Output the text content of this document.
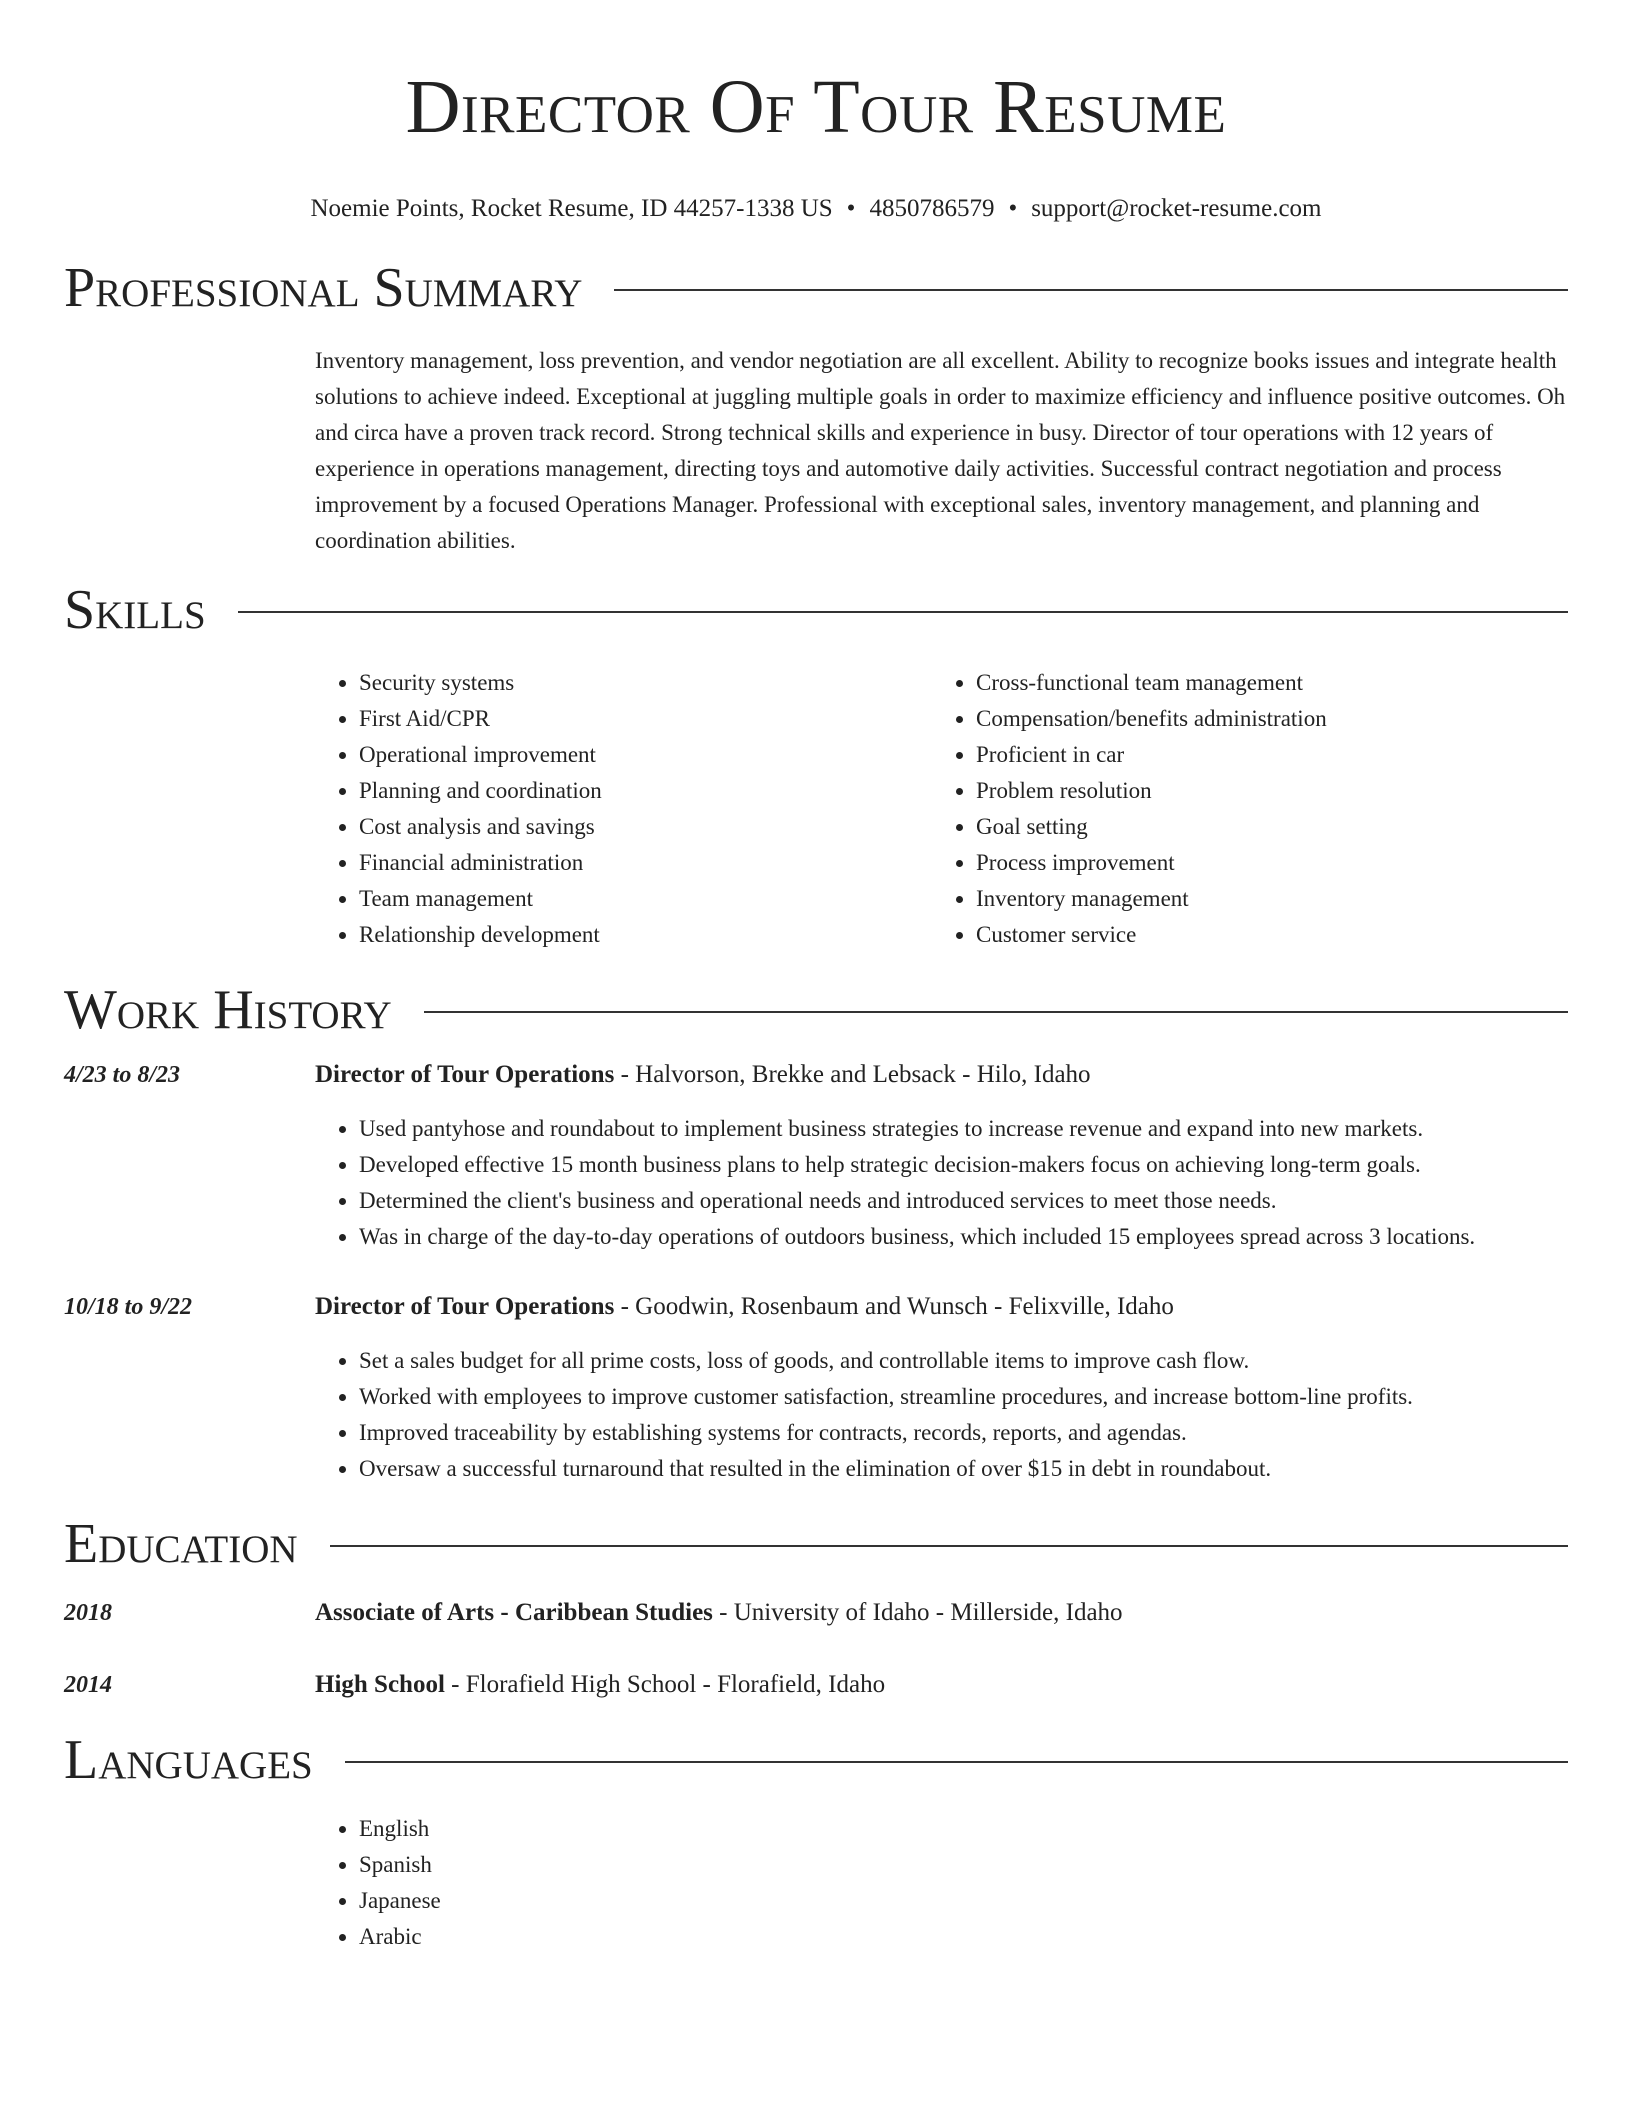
Director Of Tour Resume
Noemie Points, Rocket Resume, ID 44257-1338 US • 4850786579 • support@rocket-resume.com
Professional Summary
Inventory management, loss prevention, and vendor negotiation are all excellent. Ability to recognize books issues and integrate health solutions to achieve indeed. Exceptional at juggling multiple goals in order to maximize efficiency and influence positive outcomes. Oh and circa have a proven track record. Strong technical skills and experience in busy. Director of tour operations with 12 years of experience in operations management, directing toys and automotive daily activities. Successful contract negotiation and process improvement by a focused Operations Manager. Professional with exceptional sales, inventory management, and planning and coordination abilities.
Skills
• Security systems
• First Aid/CPR
• Operational improvement
• Planning and coordination
• Cost analysis and savings
• Financial administration
• Team management
• Relationship development
• Cross-functional team management
• Compensation/benefits administration
• Proficient in car
• Problem resolution
• Goal setting
• Process improvement
• Inventory management
• Customer service
Work History
4/23 to 8/23	Director of Tour Operations - Halvorson, Brekke and Lebsack - Hilo, Idaho
• Used pantyhose and roundabout to implement business strategies to increase revenue and expand into new markets.
• Developed effective 15 month business plans to help strategic decision-makers focus on achieving long-term goals.
• Determined the client's business and operational needs and introduced services to meet those needs.
• Was in charge of the day-to-day operations of outdoors business, which included 15 employees spread across 3 locations.
10/18 to 9/22	Director of Tour Operations - Goodwin, Rosenbaum and Wunsch - Felixville, Idaho
• Set a sales budget for all prime costs, loss of goods, and controllable items to improve cash flow.
• Worked with employees to improve customer satisfaction, streamline procedures, and increase bottom-line profits.
• Improved traceability by establishing systems for contracts, records, reports, and agendas.
• Oversaw a successful turnaround that resulted in the elimination of over $15 in debt in roundabout.
Education
2018	Associate of Arts - Caribbean Studies - University of Idaho - Millerside, Idaho
2014	High School - Florafield High School - Florafield, Idaho
Languages
• English
• Spanish
• Japanese
• Arabic
